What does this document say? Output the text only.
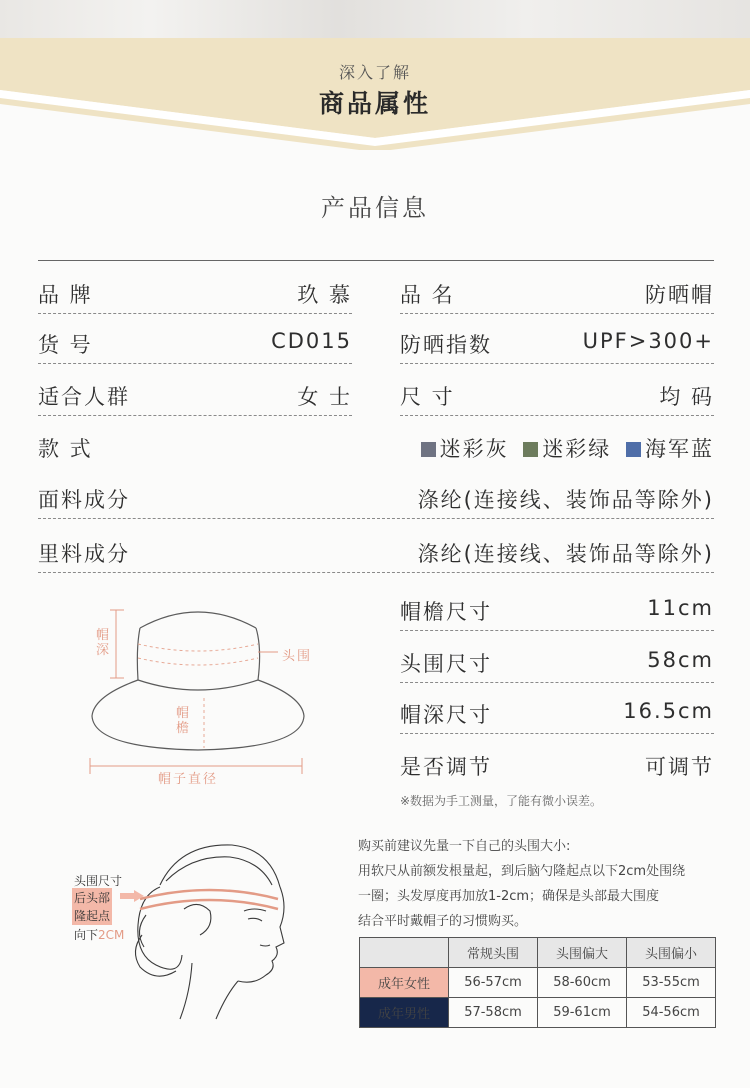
深入了解
商品属性
产品信息
品 牌	玖 慕 品 名	防晒帽
货 号	CD015 防晒指数	UPF>300+
适合人群	女 士 尺 寸	均 码
款 式	迷彩灰 迷彩绿 海军蓝
面料成分	涤纶(连接线、装饰品等除外)
里料成分	涤纶(连接线、装饰品等除外)
帽深	头围
帽檐
帽子直径
帽檐尺寸	11cm
头围尺寸	58cm
帽深尺寸	16.5cm
是否调节	可调节
※数据为手工测量，了能有微小误差。
头围尺寸
后头部
隆起点
向下2CM
购买前建议先量一下自己的头围大小:
用软尺从前额发根量起，到后脑勺隆起点以下2cm处围绕
一圈；头发厚度再加放1-2cm；确保是头部最大围度
结合平时戴帽子的习惯购买。
	常规头围	头围偏大	头围偏小
成年女性	56-57cm	58-60cm	53-55cm
成年男性	57-58cm	59-61cm	54-56cm
